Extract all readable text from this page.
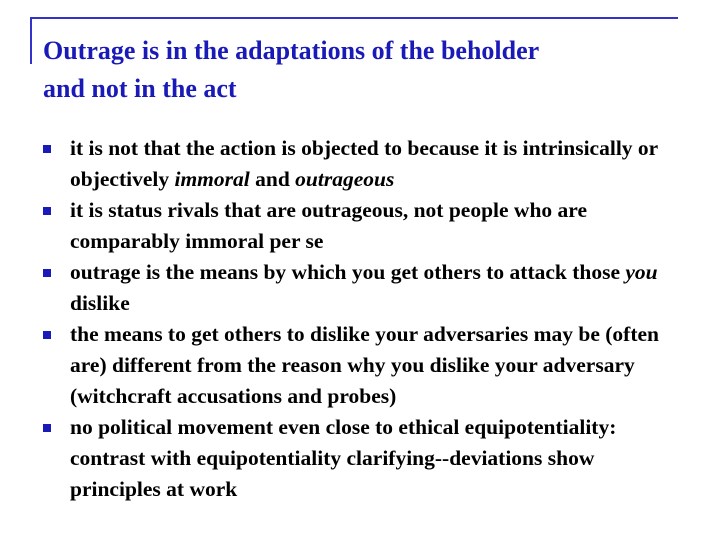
Outrage is in the adaptations of the beholder
and not in the act
it is not that the action is objected to because it is intrinsically or objectively immoral and outrageous
it is status rivals that are outrageous, not people who are comparably immoral per se
outrage is the means by which you get others to attack those you dislike
the means to get others to dislike your adversaries may be (often are) different from the reason why you dislike your adversary (witchcraft accusations and probes)
no political movement even close to ethical equipotentiality: contrast with equipotentiality clarifying--deviations show principles at work
